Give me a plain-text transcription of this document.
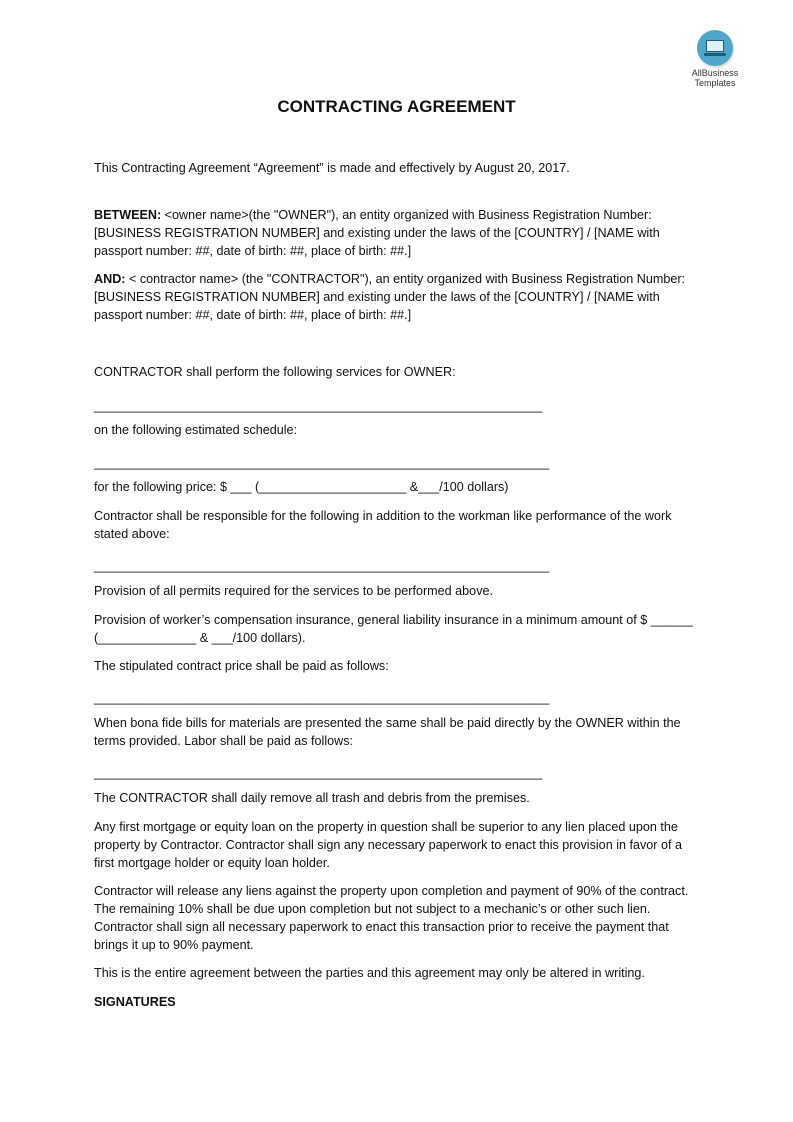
AllBusiness
Templates
CONTRACTING AGREEMENT

This Contracting Agreement “Agreement” is made and effectively by August 20, 2017.

BETWEEN: <owner name>(the "OWNER"), an entity organized with Business Registration Number: [BUSINESS REGISTRATION NUMBER] and existing under the laws of the [COUNTRY] / [NAME with passport number: ##, date of birth: ##, place of birth: ##.]

AND: < contractor name> (the "CONTRACTOR"), an entity organized with Business Registration Number: [BUSINESS REGISTRATION NUMBER] and existing under the laws of the [COUNTRY] / [NAME with passport number: ##, date of birth: ##, place of birth: ##.]

CONTRACTOR shall perform the following services for OWNER:

________________________________________________________________

on the following estimated schedule:

_________________________________________________________________

for the following price: $ ___ (_____________________ &___/100 dollars)

Contractor shall be responsible for the following in addition to the workman like performance of the work stated above:

_________________________________________________________________

Provision of all permits required for the services to be performed above.

Provision of worker’s compensation insurance, general liability insurance in a minimum amount of $ ______ (______________ & ___/100 dollars).

The stipulated contract price shall be paid as follows:

_________________________________________________________________

When bona fide bills for materials are presented the same shall be paid directly by the OWNER within the terms provided. Labor shall be paid as follows:

________________________________________________________________

The CONTRACTOR shall daily remove all trash and debris from the premises.

Any first mortgage or equity loan on the property in question shall be superior to any lien placed upon the property by Contractor. Contractor shall sign any necessary paperwork to enact this provision in favor of a first mortgage holder or equity loan holder.

Contractor will release any liens against the property upon completion and payment of 90% of the contract. The remaining 10% shall be due upon completion but not subject to a mechanic’s or other such lien. Contractor shall sign all necessary paperwork to enact this transaction prior to receive the payment that brings it up to 90% payment.

This is the entire agreement between the parties and this agreement may only be altered in writing.

SIGNATURES
